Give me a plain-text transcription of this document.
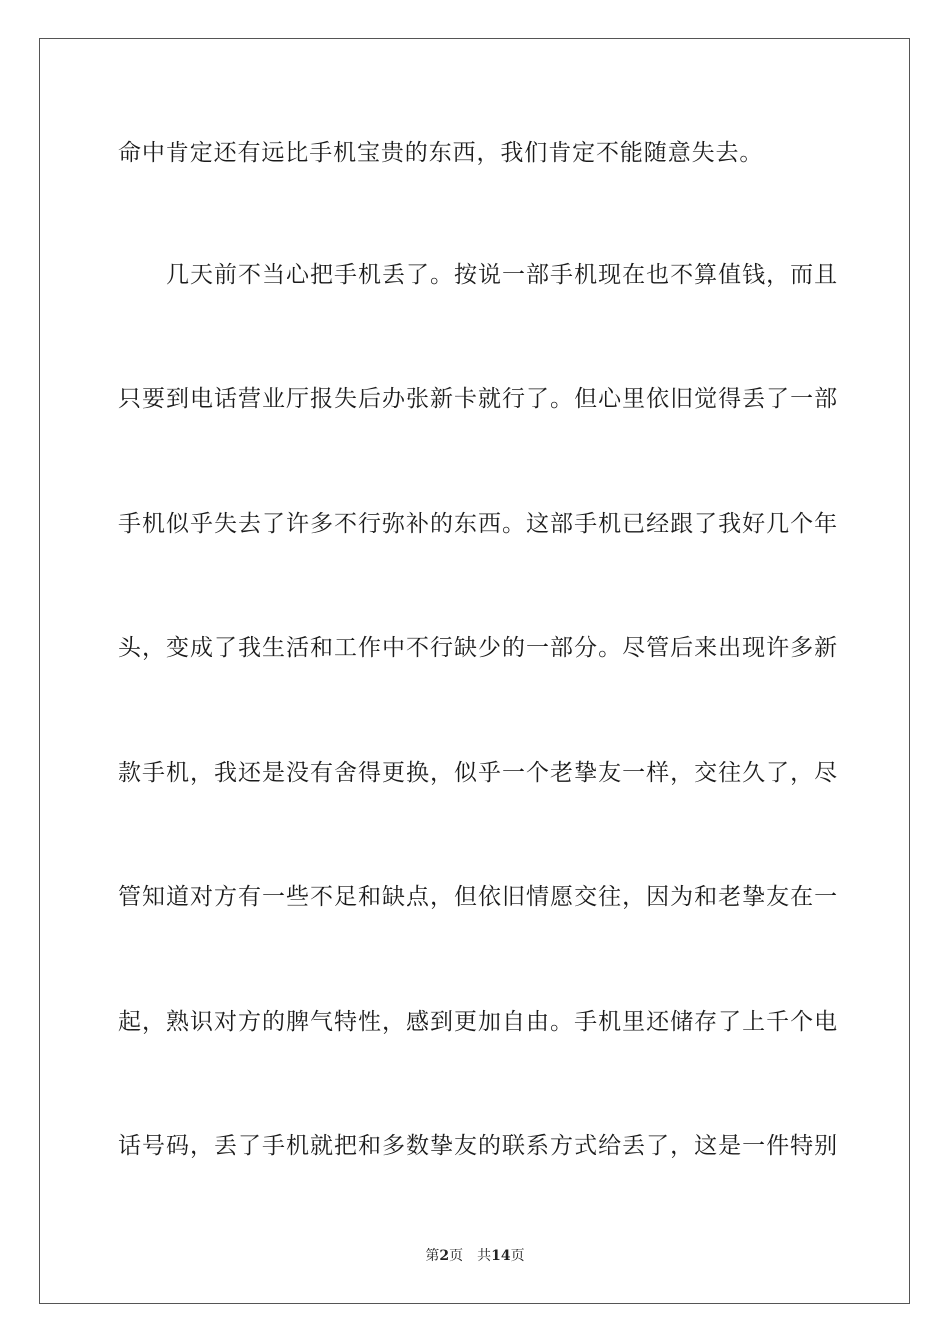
命中肯定还有远比手机宝贵的东西，我们肯定不能随意失去。
　　几天前不当心把手机丢了。按说一部手机现在也不算值钱，而且
只要到电话营业厅报失后办张新卡就行了。但心里依旧觉得丢了一部
手机似乎失去了许多不行弥补的东西。这部手机已经跟了我好几个年
头，变成了我生活和工作中不行缺少的一部分。尽管后来出现许多新
款手机，我还是没有舍得更换，似乎一个老挚友一样，交往久了，尽
管知道对方有一些不足和缺点，但依旧情愿交往，因为和老挚友在一
起，熟识对方的脾气特性，感到更加自由。手机里还储存了上千个电
话号码，丢了手机就把和多数挚友的联系方式给丢了，这是一件特别
第2页 共14页
